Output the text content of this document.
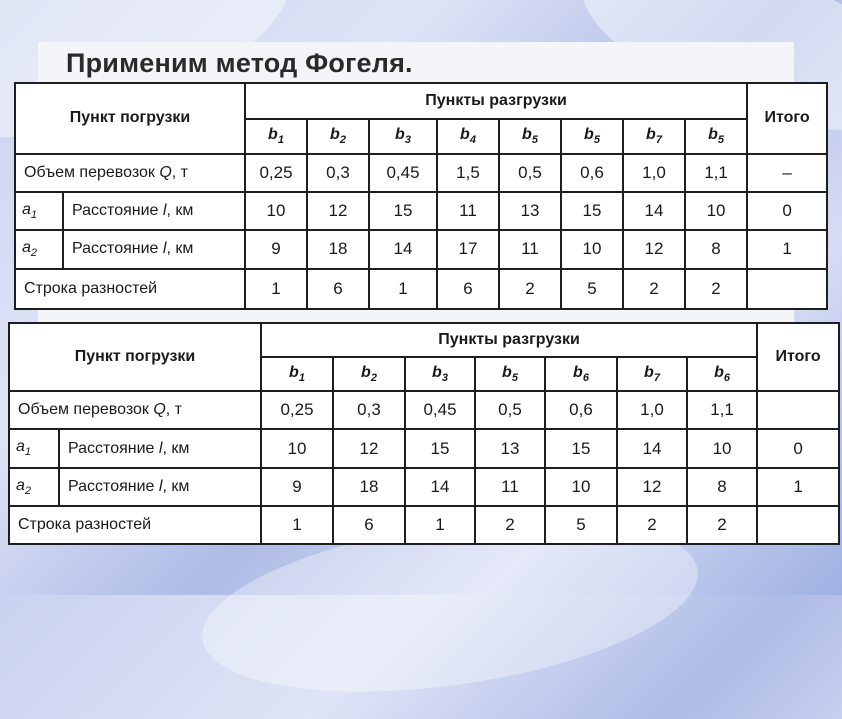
Применим метод Фогеля.
Пункт погрузки		Пункты разгрузки								Итого
		$b_1$	$b_2$	$b_3$	$b_4$	$b_5$	$b_5$	$b_7$	$b_5$
Объем перевозок Q, т		0,25	0,3	0,45	1,5	0,5	0,6	1,0	1,1	–
$a_1$	Расстояние l, км	10	12	15	11	13	15	14	10	0
$a_2$	Расстояние l, км	9	18	14	17	11	10	12	8	1
Строка разностей		1	6	1	6	2	5	2	2	
Пункт погрузки		Пункты разгрузки							Итого
		$b_1$	$b_2$	$b_3$	$b_5$	$b_6$	$b_7$	$b_6$
Объем перевозок Q, т		0,25	0,3	0,45	0,5	0,6	1,0	1,1	
$a_1$	Расстояние l, км	10	12	15	13	15	14	10	0
$a_2$	Расстояние l, км	9	18	14	11	10	12	8	1
Строка разностей		1	6	1	2	5	2	2	
